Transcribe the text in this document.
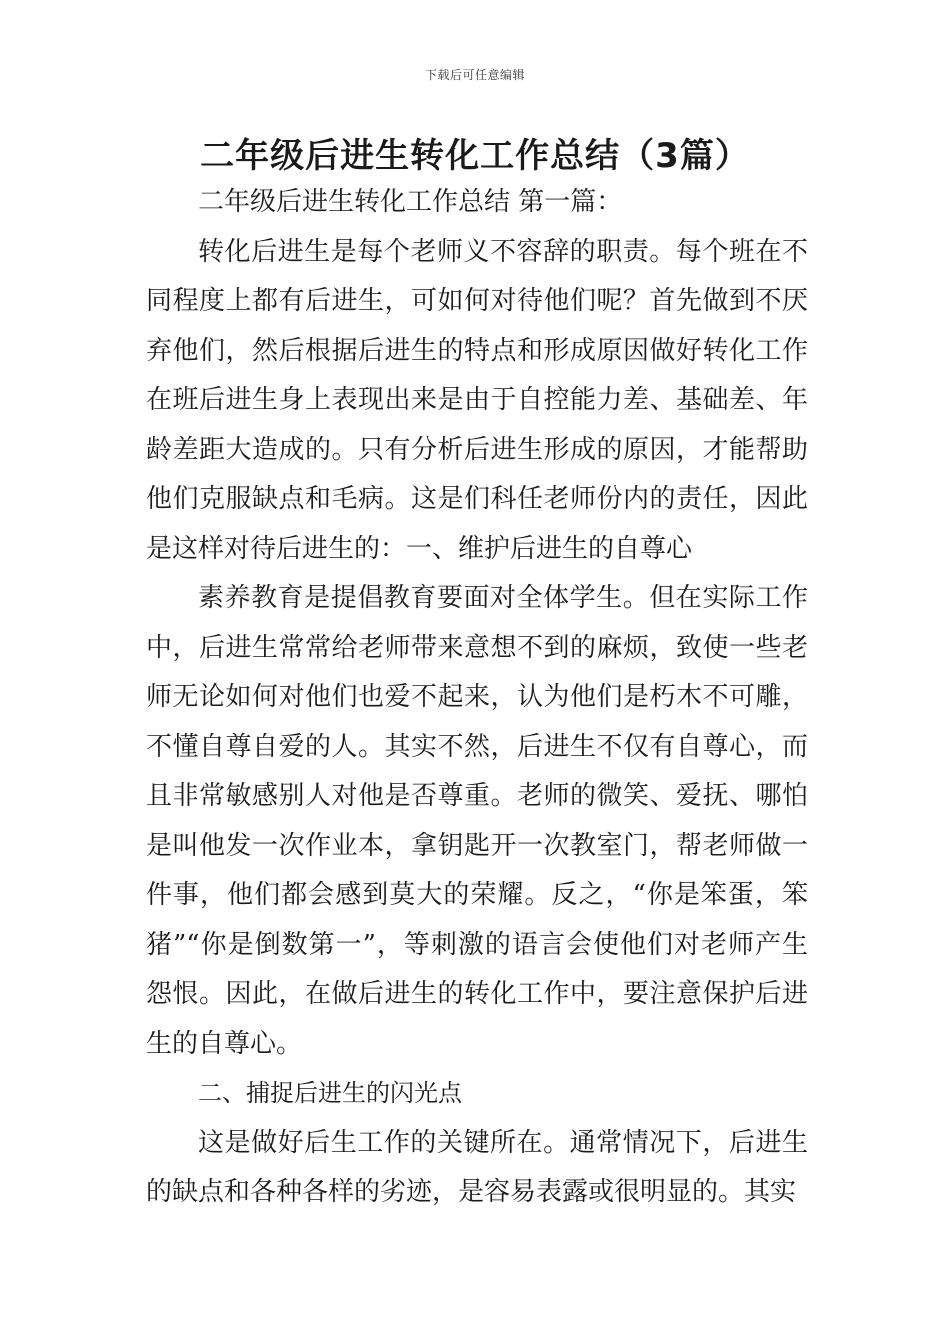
下载后可任意编辑
二年级后进生转化工作总结（3篇）

二年级后进生转化工作总结 第一篇：

转化后进生是每个老师义不容辞的职责。每个班在不同程度上都有后进生，可如何对待他们呢？首先做到不厌弃他们，然后根据后进生的特点和形成原因做好转化工作在班后进生身上表现出来是由于自控能力差、基础差、年龄差距大造成的。只有分析后进生形成的原因，才能帮助他们克服缺点和毛病。这是们科任老师份内的责任，因此是这样对待后进生的：一、维护后进生的自尊心

素养教育是提倡教育要面对全体学生。但在实际工作中，后进生常常给老师带来意想不到的麻烦，致使一些老师无论如何对他们也爱不起来，认为他们是朽木不可雕，不懂自尊自爱的人。其实不然，后进生不仅有自尊心，而且非常敏感别人对他是否尊重。老师的微笑、爱抚、哪怕是叫他发一次作业本，拿钥匙开一次教室门，帮老师做一件事，他们都会感到莫大的荣耀。反之，“你是笨蛋，笨猪”“你是倒数第一”，等刺激的语言会使他们对老师产生怨恨。因此，在做后进生的转化工作中，要注意保护后进生的自尊心。

二、捕捉后进生的闪光点

这是做好后生工作的关键所在。通常情况下，后进生的缺点和各种各样的劣迹，是容易表露或很明显的。其实
